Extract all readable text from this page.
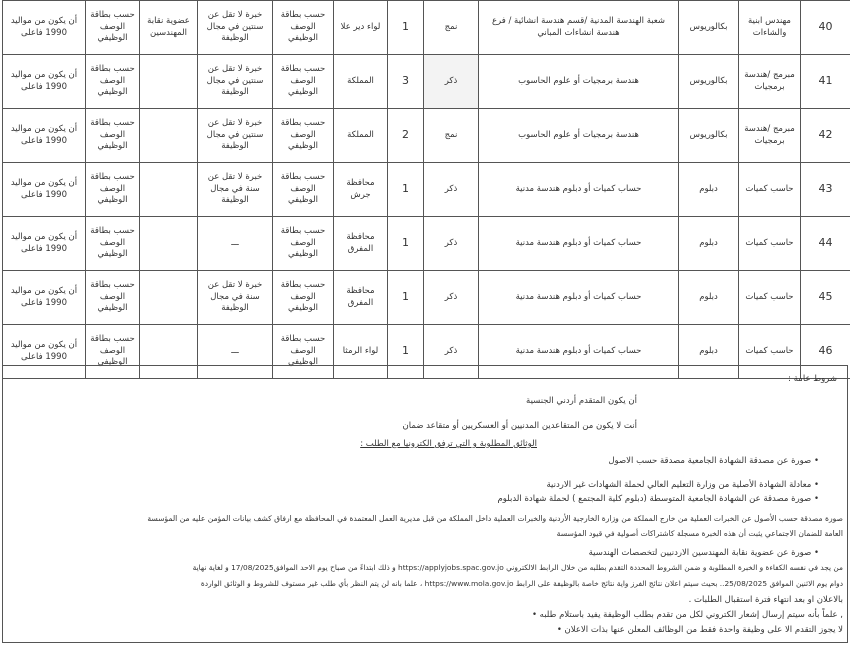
40	مهندس ابنية والشاءات	بكالوريوس	شعبة الهندسة المدنية /قسم هندسة انشائية / فرع هندسة انشاءات المباني	نمج	1	لواء دير علا	حسب بطاقة الوصف الوظيفي	خبرة لا تقل عن سنتين في مجال الوظيفة	عضوية نقابة المهندسين	حسب بطاقة الوصف الوظيفي	أن يكون من مواليد 1990 فاعلى
41	مبرمج /هندسة برمجيات	بكالوريوس	هندسة برمجيات أو علوم الحاسوب	ذكر	3	المملكة	حسب بطاقة الوصف الوظيفي	خبرة لا تقل عن سنتين في مجال الوظيفة		حسب بطاقة الوصف الوظيفي	أن يكون من مواليد 1990 فاعلى
42	مبرمج /هندسة برمجيات	بكالوريوس	هندسة برمجيات أو علوم الحاسوب	نمج	2	المملكة	حسب بطاقة الوصف الوظيفي	خبرة لا تقل عن سنتين في مجال الوظيفة		حسب بطاقة الوصف الوظيفي	أن يكون من مواليد 1990 فاعلى
43	حاسب كميات	دبلوم	حساب كميات أو دبلوم هندسة مدنية	ذكر	1	محافظة جرش	حسب بطاقة الوصف الوظيفي	خبرة لا تقل عن سنة في مجال الوظيفة		حسب بطاقة الوصف الوظيفي	أن يكون من مواليد 1990 فاعلى
44	حاسب كميات	دبلوم	حساب كميات أو دبلوم هندسة مدنية	ذكر	1	محافظة المفرق	حسب بطاقة الوصف الوظيفي	ـــ		حسب بطاقة الوصف الوظيفي	أن يكون من مواليد 1990 فاعلى
45	حاسب كميات	دبلوم	حساب كميات أو دبلوم هندسة مدنية	ذكر	1	محافظة المفرق	حسب بطاقة الوصف الوظيفي	خبرة لا تقل عن سنة في مجال الوظيفة		حسب بطاقة الوصف الوظيفي	أن يكون من مواليد 1990 فاعلى
46	حاسب كميات	دبلوم	حساب كميات أو دبلوم هندسة مدنية	ذكر	1	لواء الرمثا	حسب بطاقة الوصف الوظيفي	ـــ		حسب بطاقة الوصف الوظيفي	أن يكون من مواليد 1990 فاعلى

شروط عامة :

أن يكون المتقدم أردني الجنسية

أنت لا يكون من المتقاعدين المدنيين أو العسكريين أو متقاعد ضمان

الوثائق المطلوبة و التي ترفق الكترونيا مع الطلب :

• صورة عن مصدقة الشهادة الجامعية مصدقة حسب الاصول

• معادلة الشهادة الأصلية من وزارة التعليم العالي لحملة الشهادات غير الاردنية

• صورة مصدقة عن الشهادة الجامعية المتوسطة (دبلوم كلية المجتمع ) لحملة شهادة الدبلوم

صورة مصدقة حسب الأصول عن الخبرات العملية من خارج المملكة من وزارة الخارجية الأردنية والخبرات العملية داخل المملكة من قبل مديرية العمل المعتمدة في المحافظة مع ارفاق كشف بيانات المؤمن عليه من المؤسسة

العامة للضمان الاجتماعي يثبت أن هذه الخبرة مسجلة كاشتراكات أصولية في قيود المؤسسة

• صورة عن عضوية نقابة المهندسين الاردنيين لتخصصات الهندسية

من يجد في نفسه الكفاءة و الخبرة المطلوبة و ضمن الشروط المحددة التقدم بطلبه من خلال الرابط الالكتروني https://applyjobs.spac.gov.jo و ذلك ابتداءً من صباح يوم الاحد الموافق17/08/2025 و لغاية نهاية

دوام يوم الاثنين الموافق 25/08/2025.. بحيث سيتم اعلان نتائج الفرز واية نتائج خاصة بالوظيفة على الرابط https://www.mola.gov.jo ، علما بانه لن يتم النظر بأي طلب غير مستوف للشروط و الوثائق الواردة

بالاعلان او بعد انتهاء فترة استقبال الطلبات .

, علماً بأنه سيتم إرسال إشعار الكتروني لكل من تقدم بطلب الوظيفة يفيد باستلام طلبه •

لا يجوز التقدم الا على وظيفة واحدة فقط من الوظائف المعلن عنها بذات الاعلان •
